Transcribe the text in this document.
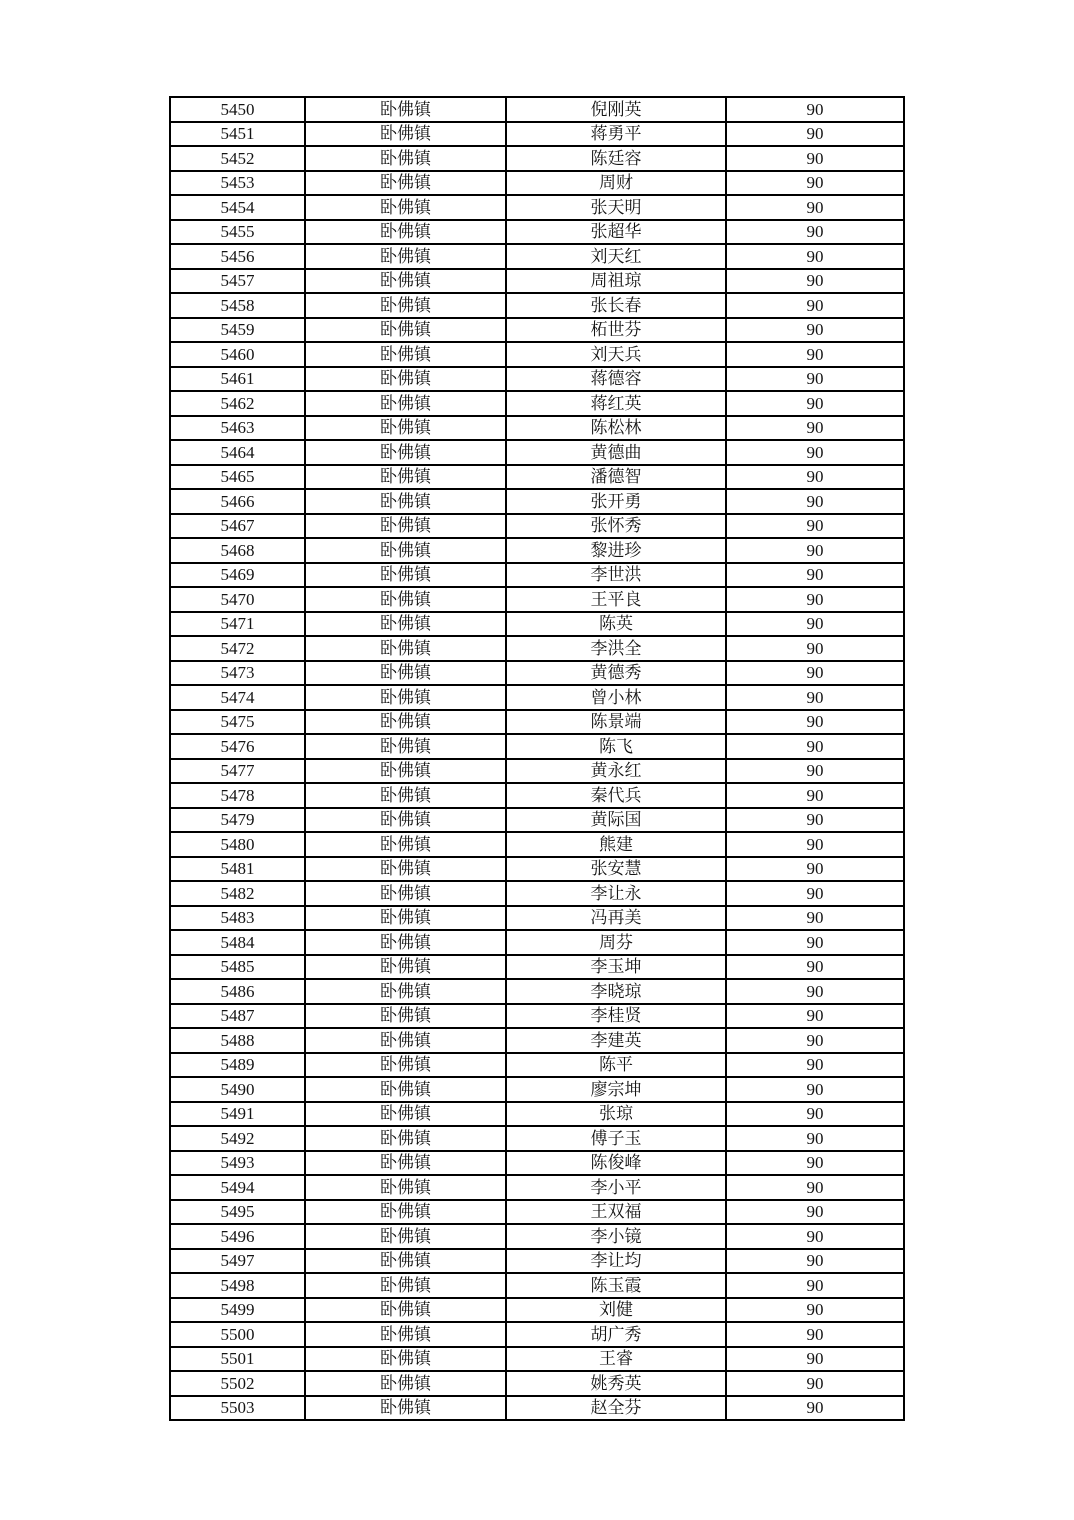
5450	卧佛镇	倪刚英	90
5451	卧佛镇	蒋勇平	90
5452	卧佛镇	陈廷容	90
5453	卧佛镇	周财	90
5454	卧佛镇	张天明	90
5455	卧佛镇	张超华	90
5456	卧佛镇	刘天红	90
5457	卧佛镇	周祖琼	90
5458	卧佛镇	张长春	90
5459	卧佛镇	柘世芬	90
5460	卧佛镇	刘天兵	90
5461	卧佛镇	蒋德容	90
5462	卧佛镇	蒋红英	90
5463	卧佛镇	陈松林	90
5464	卧佛镇	黄德曲	90
5465	卧佛镇	潘德智	90
5466	卧佛镇	张开勇	90
5467	卧佛镇	张怀秀	90
5468	卧佛镇	黎进珍	90
5469	卧佛镇	李世洪	90
5470	卧佛镇	王平良	90
5471	卧佛镇	陈英	90
5472	卧佛镇	李洪全	90
5473	卧佛镇	黄德秀	90
5474	卧佛镇	曾小林	90
5475	卧佛镇	陈景端	90
5476	卧佛镇	陈飞	90
5477	卧佛镇	黄永红	90
5478	卧佛镇	秦代兵	90
5479	卧佛镇	黄际国	90
5480	卧佛镇	熊建	90
5481	卧佛镇	张安慧	90
5482	卧佛镇	李让永	90
5483	卧佛镇	冯再美	90
5484	卧佛镇	周芬	90
5485	卧佛镇	李玉坤	90
5486	卧佛镇	李晓琼	90
5487	卧佛镇	李桂贤	90
5488	卧佛镇	李建英	90
5489	卧佛镇	陈平	90
5490	卧佛镇	廖宗坤	90
5491	卧佛镇	张琼	90
5492	卧佛镇	傅子玉	90
5493	卧佛镇	陈俊峰	90
5494	卧佛镇	李小平	90
5495	卧佛镇	王双福	90
5496	卧佛镇	李小镜	90
5497	卧佛镇	李让均	90
5498	卧佛镇	陈玉霞	90
5499	卧佛镇	刘健	90
5500	卧佛镇	胡广秀	90
5501	卧佛镇	王睿	90
5502	卧佛镇	姚秀英	90
5503	卧佛镇	赵全芬	90
